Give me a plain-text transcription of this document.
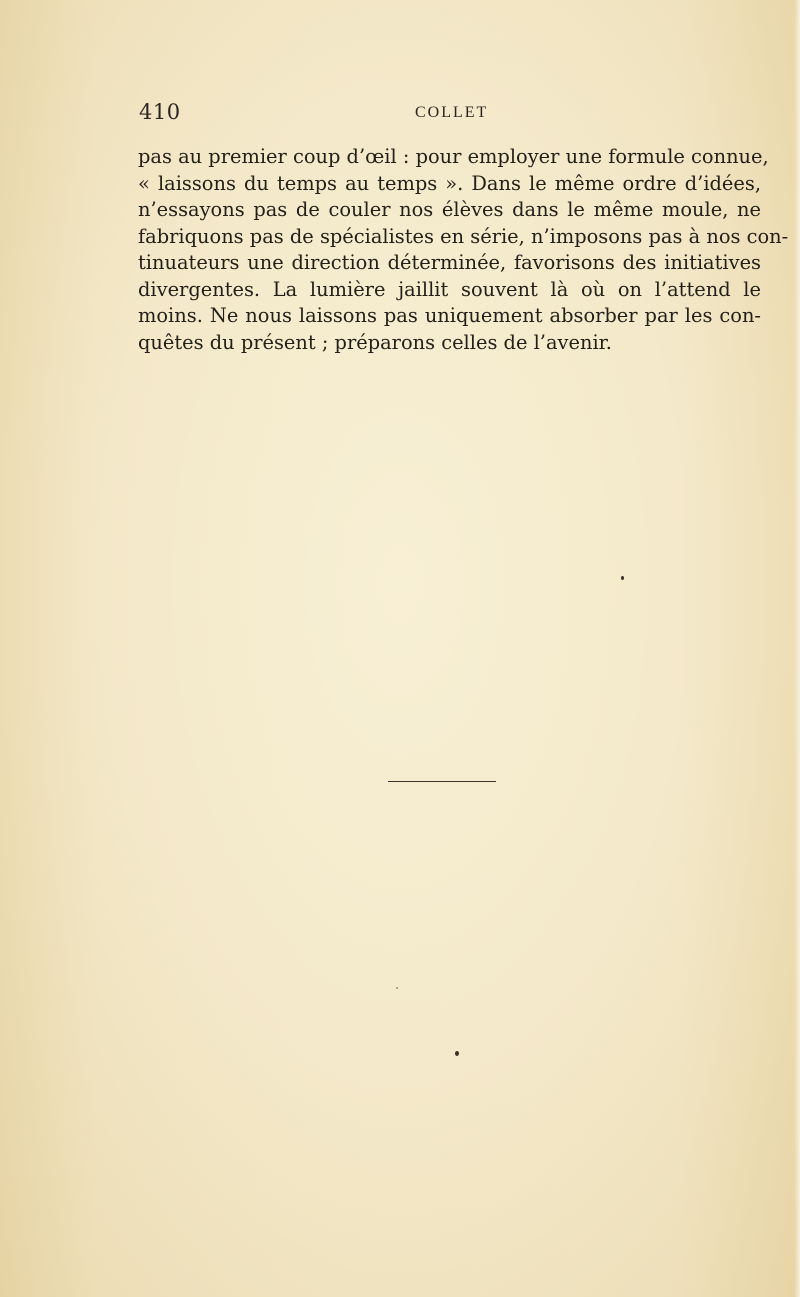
410	COLLET

pas au premier coup d’œil : pour employer une formule connue,
« laissons du temps au temps ». Dans le même ordre d’idées,
n’essayons pas de couler nos élèves dans le même moule, ne
fabriquons pas de spécialistes en série, n’imposons pas à nos con-
tinuateurs une direction déterminée, favorisons des initiatives
divergentes. La lumière jaillit souvent là où on l’attend le
moins. Ne nous laissons pas uniquement absorber par les con-
quêtes du présent ; préparons celles de l’avenir.
